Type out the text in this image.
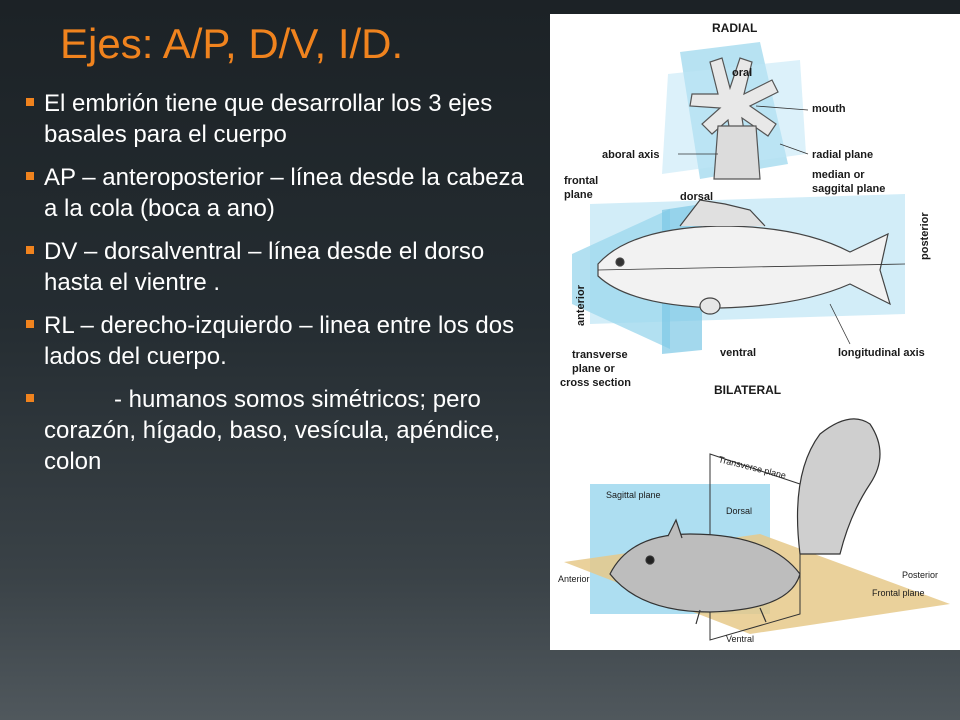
Ejes: A/P, D/V, I/D.
El embrión tiene que desarrollar los 3 ejes basales para el cuerpo
AP – anteroposterior – línea desde la cabeza a la cola (boca a ano)
DV – dorsalventral – línea desde el dorso hasta el vientre .
RL – derecho-izquierdo – linea entre los dos lados del cuerpo.
- humanos somos simétricos; pero corazón, hígado, baso, vesícula, apéndice, colon
RADIAL
oral
mouth
aboral axis	radial plane
median or
saggital plane
frontal
plane	dorsal
posterior
anterior
transverse
plane or
cross section
ventral	longitudinal axis
BILATERAL
Transverse plane
Sagittal plane
Dorsal
Anterior	Posterior
Frontal plane
Ventral
